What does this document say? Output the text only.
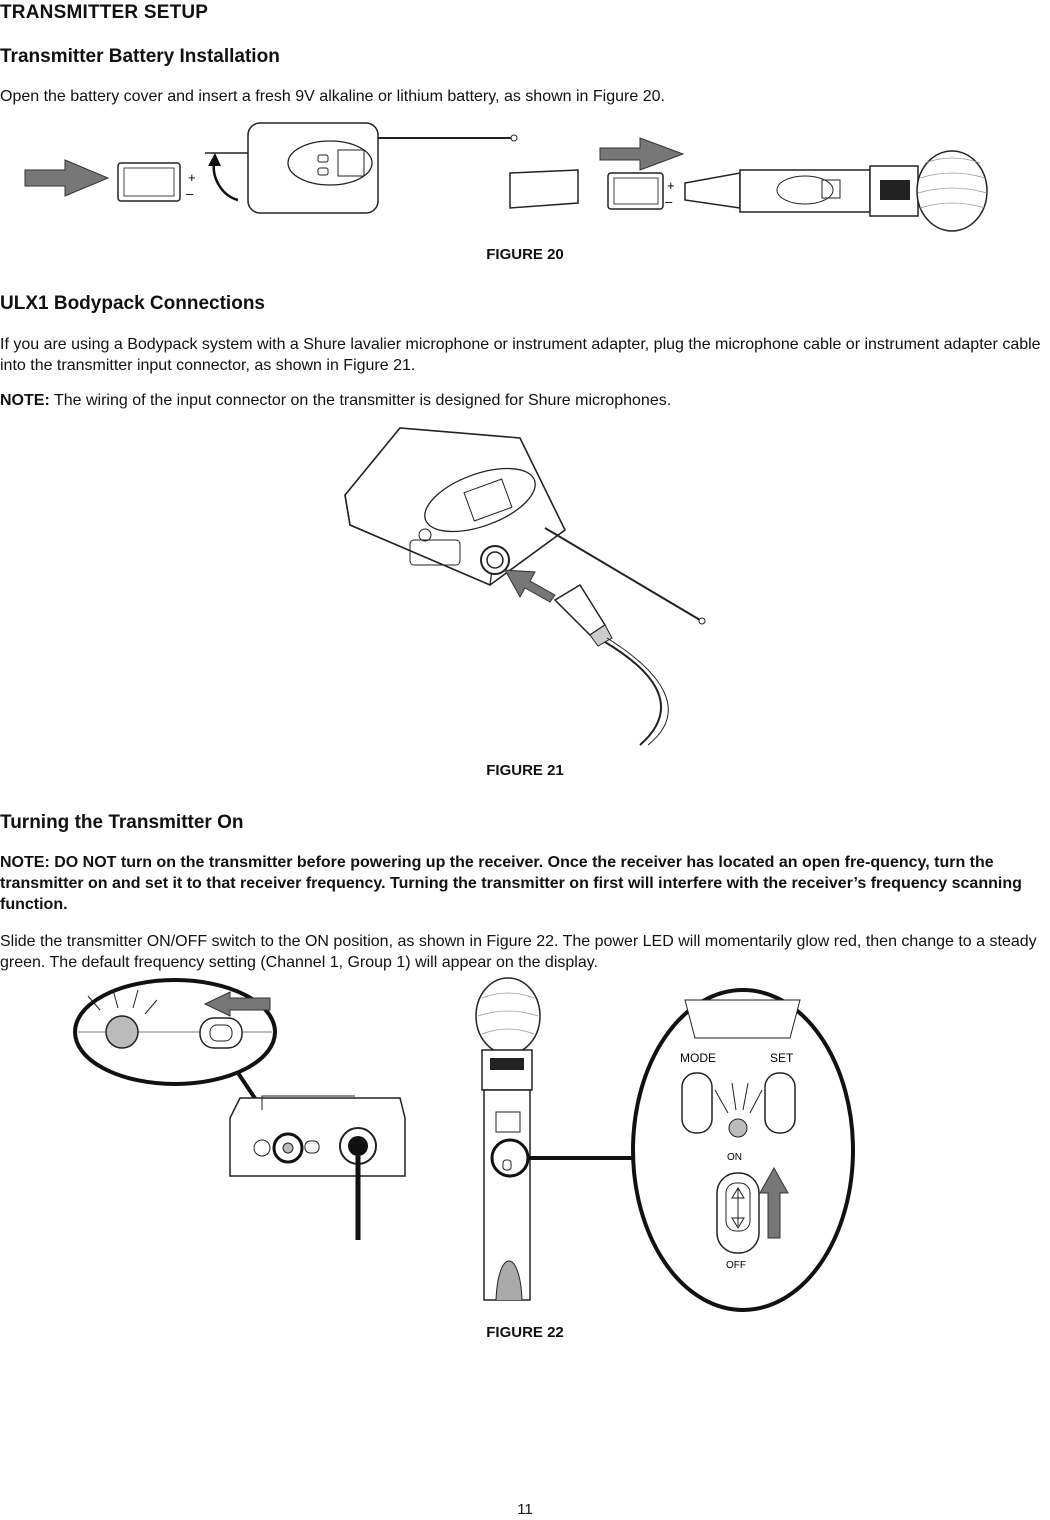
TRANSMITTER SETUP
Transmitter Battery Installation
Open the battery cover and insert a fresh 9V alkaline or lithium battery, as shown in Figure 20.
+
–
+
–
FIGURE 20
ULX1 Bodypack Connections
If you are using a Bodypack system with a Shure lavalier microphone or instrument adapter, plug the microphone cable or instrument adapter cable into the transmitter input connector, as shown in Figure 21.
NOTE: The wiring of the input connector on the transmitter is designed for Shure microphones.
FIGURE 21
Turning the Transmitter On
NOTE: DO NOT turn on the transmitter before powering up the receiver. Once the receiver has located an open fre-quency, turn the transmitter on and set it to that receiver frequency. Turning the transmitter on first will interfere with the receiver’s frequency scanning function.
Slide the transmitter ON/OFF switch to the ON position, as shown in Figure 22. The power LED will momentarily glow red, then change to a steady green. The default frequency setting (Channel 1, Group 1) will appear on the display.
MODE	SET
ON
OFF
FIGURE 22
11
